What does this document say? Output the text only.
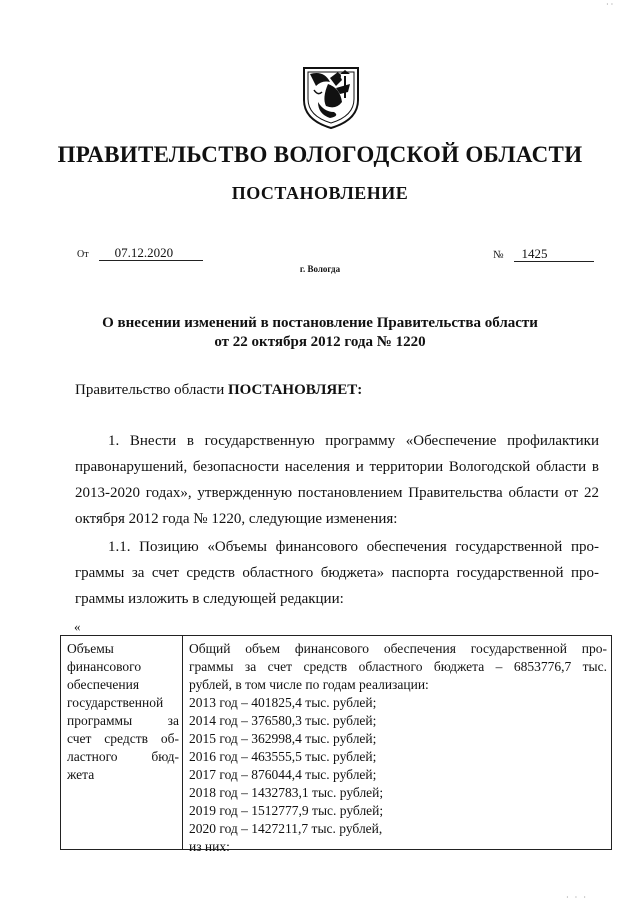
ПРАВИТЕЛЬСТВО ВОЛОГОДСКОЙ ОБЛАСТИ
ПОСТАНОВЛЕНИЕ
От 07.12.2020	№ 1425
г. Вологда
О внесении изменений в постановление Правительства области
от 22 октября 2012 года № 1220
Правительство области ПОСТАНОВЛЯЕТ:
1. Внести в государственную программу «Обеспечение профилактики
правонарушений, безопасности населения и территории Вологодской области в
2013-2020 годах», утвержденную постановлением Правительства области от 22
октября 2012 года № 1220, следующие изменения:
1.1. Позицию «Объемы финансового обеспечения государственной про-
граммы за счет средств областного бюджета» паспорта государственной про-
граммы изложить в следующей редакции:
«
Объемы
финансового
обеспечения
государственной
программы за
счет средств об-
ластного бюд-
жета
Общий объем финансового обеспечения государственной про-
граммы за счет средств областного бюджета – 6853776,7 тыс.
рублей, в том числе по годам реализации:
2013 год – 401825,4 тыс. рублей;
2014 год – 376580,3 тыс. рублей;
2015 год – 362998,4 тыс. рублей;
2016 год – 463555,5 тыс. рублей;
2017 год – 876044,4 тыс. рублей;
2018 год – 1432783,1 тыс. рублей;
2019 год – 1512777,9 тыс. рублей;
2020 год – 1427211,7 тыс. рублей,
из них:
· · ·
· ·
